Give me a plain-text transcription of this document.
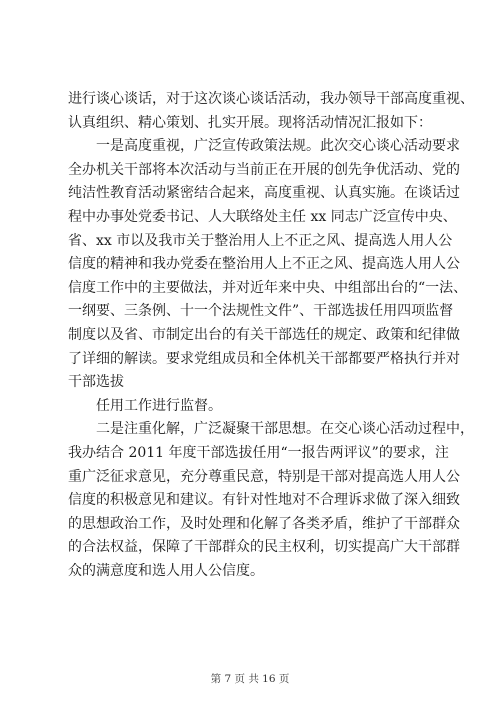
进行谈心谈话，对于这次谈心谈话活动，我办领导干部高度重视、
认真组织、精心策划、扎实开展。现将活动情况汇报如下：

一是高度重视，广泛宣传政策法规。此次交心谈心活动要求
全办机关干部将本次活动与当前正在开展的创先争优活动、党的
纯洁性教育活动紧密结合起来，高度重视、认真实施。在谈话过
程中办事处党委书记、人大联络处主任 xx 同志广泛宣传中央、
省、xx 市以及我市关于整治用人上不正之风、提高选人用人公
信度的精神和我办党委在整治用人上不正之风、提高选人用人公
信度工作中的主要做法，并对近年来中央、中组部出台的“一法、
一纲要、三条例、十一个法规性文件”、干部选拔任用四项监督
制度以及省、市制定出台的有关干部选任的规定、政策和纪律做
了详细的解读。要求党组成员和全体机关干部都要严格执行并对
干部选拔

任用工作进行监督。

二是注重化解，广泛凝聚干部思想。在交心谈心活动过程中，
我办结合 2011 年度干部选拔任用“一报告两评议”的要求，注
重广泛征求意见，充分尊重民意，特别是干部对提高选人用人公
信度的积极意见和建议。有针对性地对不合理诉求做了深入细致
的思想政治工作，及时处理和化解了各类矛盾，维护了干部群众
的合法权益，保障了干部群众的民主权利，切实提高广大干部群
众的满意度和选人用人公信度。

第 7 页 共 16 页
